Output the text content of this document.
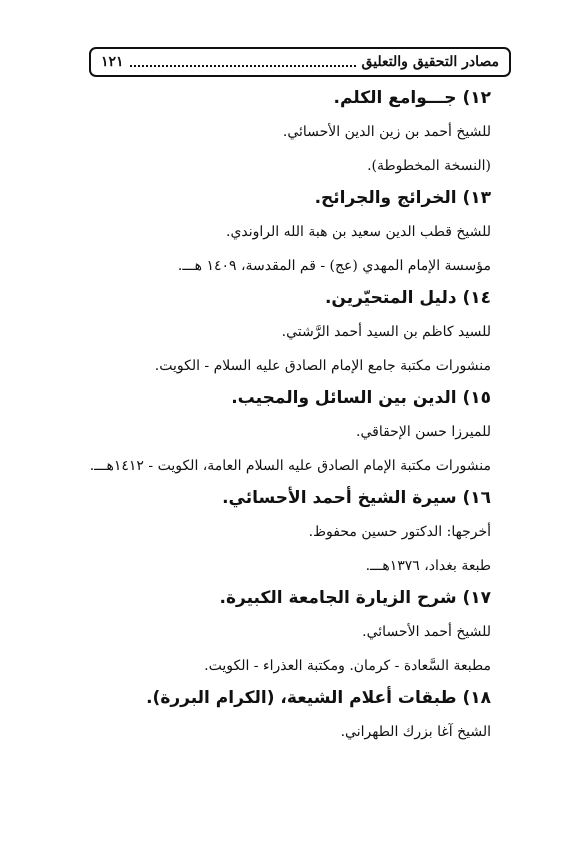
مصادر التحقيق والتعليق
١٢١
١٢) جـــوامع الكلم.
للشيخ أحمد بن زين الدين الأحسائي.
(النسخة المخطوطة).
١٣) الخرائج والجرائح.
للشيخ قطب الدين سعيد بن هبة الله الراوندي.
مؤسسة الإمام المهدي (عج) - قم المقدسة، ١٤٠٩ هـــ.
١٤) دليل المتحيّرين.
للسيد كاظم بن السيد أحمد الرَّشتي.
منشورات مكتبة جامع الإمام الصادق عليه السلام - الكويت.
١٥) الدين بين السائل والمجيب.
للميرزا حسن الإحقاقي.
منشورات مكتبة الإمام الصادق عليه السلام العامة، الكويت - ١٤١٢هـــ.
١٦) سيرة الشيخ أحمد الأحسائي.
أخرجها: الدكتور حسين محفوظ.
طبعة بغداد، ١٣٧٦هـــ.
١٧) شرح الزيارة الجامعة الكبيرة.
للشيخ أحمد الأحسائي.
مطبعة السَّعادة - كرمان. ومكتبة العذراء - الكويت.
١٨) طبقات أعلام الشيعة، (الكرام البررة).
الشيخ آغا بزرك الطهراني.
